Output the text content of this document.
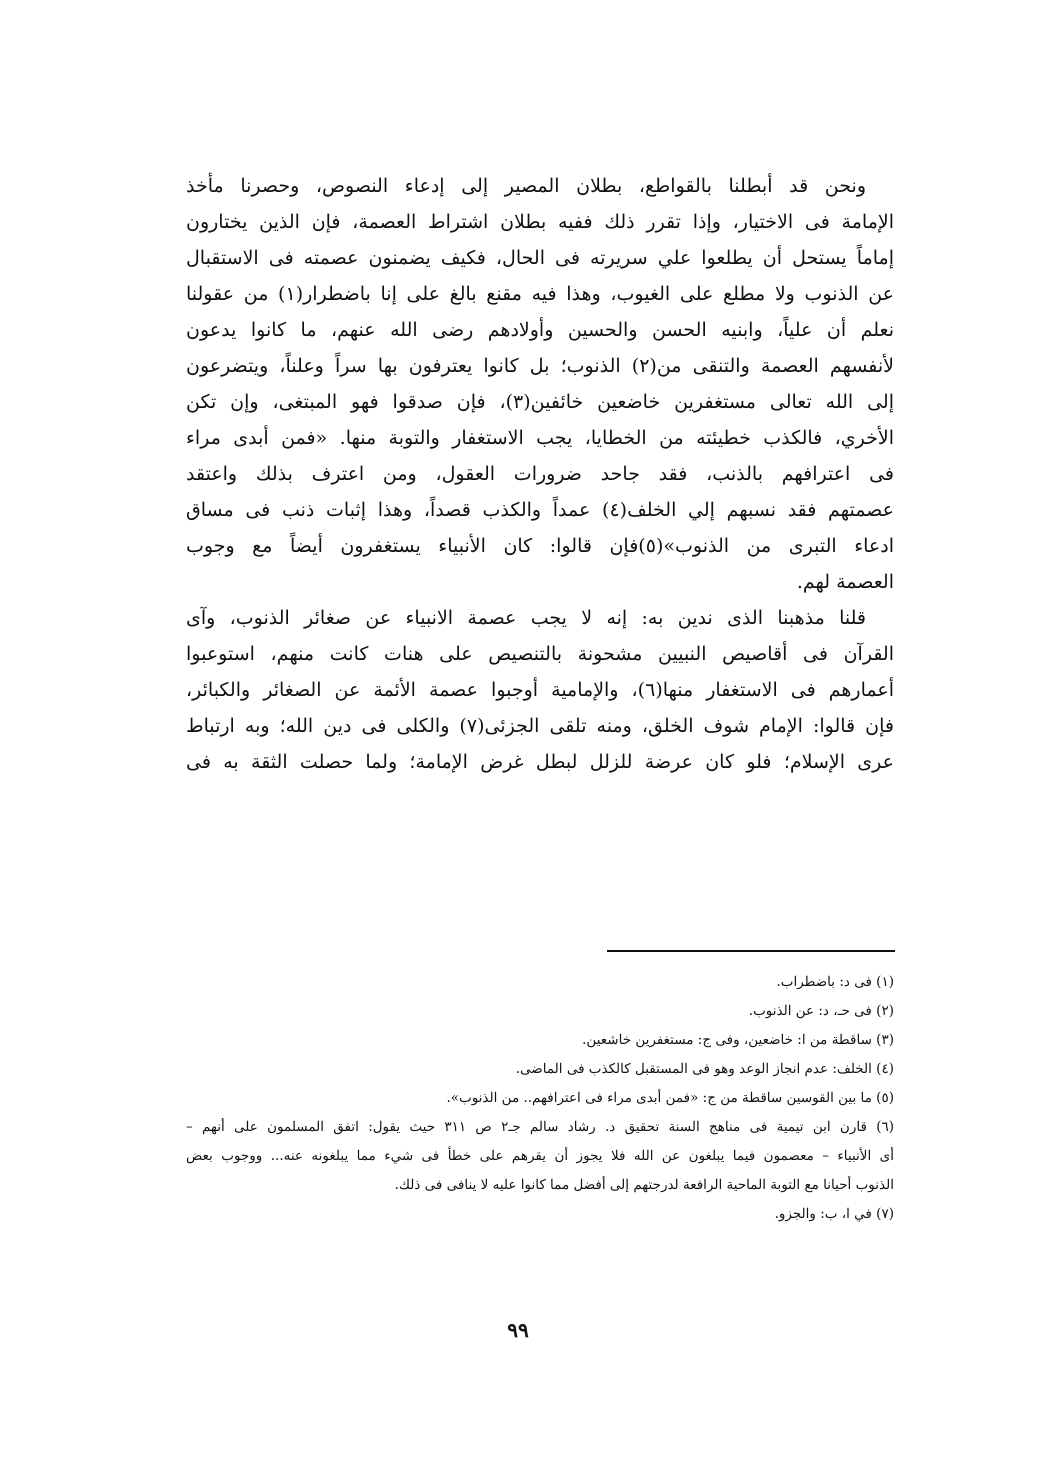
ونحن قد أبطلنا بالقواطع، بطلان المصير إلى إدعاء النصوص، وحصرنا مأخذ
الإمامة فى الاختيار، وإذا تقرر ذلك ففيه بطلان اشتراط العصمة، فإن الذين يختارون
إماماً يستحل أن يطلعوا علي سريرته فى الحال، فكيف يضمنون عصمته فى الاستقبال
عن الذنوب ولا مطلع على الغيوب، وهذا فيه مقنع بالغ على إنا باضطرار(١) من عقولنا
نعلم أن علياً، وابنيه الحسن والحسين وأولادهم رضى الله عنهم، ما كانوا يدعون
لأنفسهم العصمة والتنقى من(٢) الذنوب؛ بل كانوا يعترفون بها سراً وعلناً، ويتضرعون
إلى الله تعالى مستغفرين خاضعين خائفين(٣)، فإن صدقوا فهو المبتغى، وإن تكن
الأخري، فالكذب خطيئته من الخطايا، يجب الاستغفار والتوبة منها. «فمن أبدى مراء
فى اعترافهم بالذنب، فقد جاحد ضرورات العقول، ومن اعترف بذلك واعتقد
عصمتهم فقد نسبهم إلي الخلف(٤) عمداً والكذب قصداً، وهذا إثبات ذنب فى مساق
ادعاء التبرى من الذنوب»(٥)فإن قالوا: كان الأنبياء يستغفرون أيضاً مع وجوب
العصمة لهم.
قلنا مذهبنا الذى ندين به: إنه لا يجب عصمة الانبياء عن صغائر الذنوب، وآى
القرآن فى أقاصيص النبيين مشحونة بالتنصيص على هنات كانت منهم، استوعبوا
أعمارهم فى الاستغفار منها(٦)، والإمامية أوجبوا عصمة الأئمة عن الصغائر والكبائر،
فإن قالوا: الإمام شوف الخلق، ومنه تلقى الجزئى(٧) والكلى فى دين الله؛ وبه ارتباط
عرى الإسلام؛ فلو كان عرضة للزلل لبطل غرض الإمامة؛ ولما حصلت الثقة به فى
(١) فى د: باضطراب.
(٢) فى حـ، د: عن الذنوب.
(٣) ساقطة من ا: خاضعين، وفى ج: مستغفرين خاشعين.
(٤) الخلف: عدم انجاز الوعد وهو فى المستقبل كالكذب فى الماضى.
(٥) ما بين القوسين ساقطة من ج: «فمن أبدى مراء فى اعترافهم.. من الذنوب».
(٦) قارن ابن تيمية فى مناهج السنة تحقيق د. رشاد سالم جـ٢ ص ٣١١ حيث يقول: اتفق المسلمون على أنهم –
أى الأنبياء – معصمون فيما يبلغون عن الله فلا يجوز أن يقرهم على خطأ فى شيء مما يبلغونه عنه... ووجوب بعض
الذنوب أحيانا مع التوبة الماحية الرافعة لدرجتهم إلى أفضل مما كانوا عليه لا ينافى فى ذلك.
(٧) في ا، ب: والجزو.
٩٩
